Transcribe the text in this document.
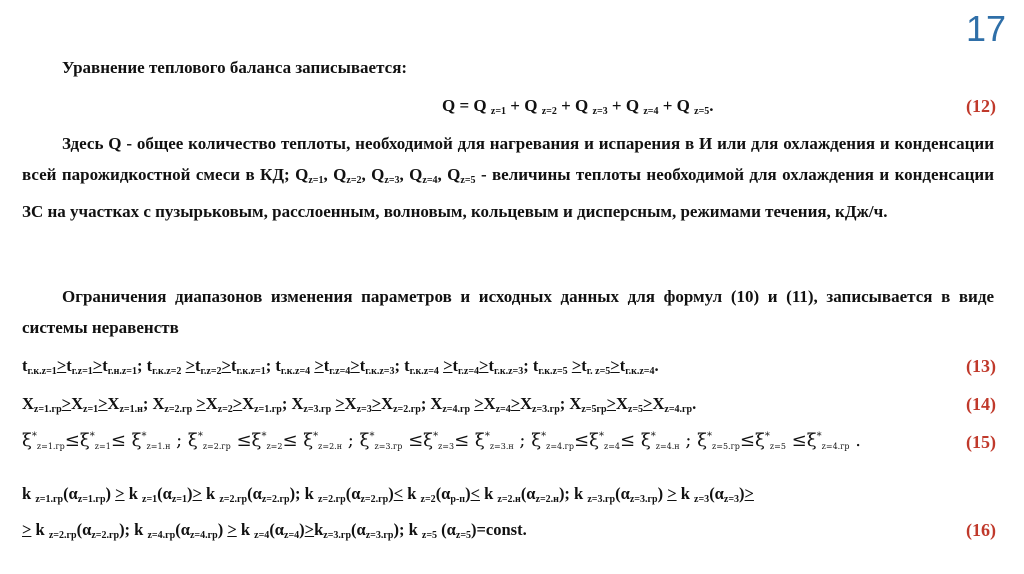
17
Уравнение теплового баланса записывается:
Q = Q $_{z=1}$ + Q $_{z=2}$ + Q $_{z=3}$ + Q $_{z=4}$ + Q $_{z=5}$.	(12)
Здесь Q - общее количество теплоты, необходимой для нагревания и испарения в И или для охлаждения и конденсации всей парожидкостной смеси в КД; $Q_{z=1}$, $Q_{z=2}$, $Q_{z=3}$, $Q_{z=4}$, $Q_{z=5}$ - величины теплоты необходимой для охлаждения и конденсации ЗС на участках с пузырьковым, расслоенным, волновым, кольцевым и дисперсным, режимами течения, кДж/ч.
Ограничения диапазонов изменения параметров и исходных данных для формул (10) и (11), записывается в виде системы неравенств
$t_{г.к.z=1}>t_{г.z=1}>t_{г.н.z=1}$; $t_{г.к.z=2} >t_{г.z=2}>t_{г.к.z=1}$; $t_{г.к.z=4} >t_{г.z=4}>t_{г.к.z=3}$; $t_{г.к.z=4} >t_{г.z=4}>t_{г.к.z=3}$; $t_{г.к.z=5} >t_{г. z=5}>t_{г.к.z=4}$.	(13)
$X_{z=1.гр}>X_{z=1}>X_{z=1.н}$; $X_{z=2.гр} >X_{z=2}>X_{z=1.гр}$; $X_{z=3.гр} >X_{z=3}>X_{z=2.гр}$; $X_{z=4.гр} >X_{z=4}>X_{z=3.гр}$; $X_{z=5гр}>X_{z=5}>X_{z=4.гр}$.	(14)
$\xi^*_{z=1.гр}\le\xi^*_{z=1}\le \xi^*_{z=1.н}$ ; $\xi^*_{z=2.гр} \le\xi^*_{z=2}\le \xi^*_{z=2.н}$ ; $\xi^*_{z=3.гр} \le\xi^*_{z=3}\le \xi^*_{z=3.н}$ ; $\xi^*_{z=4.гр}\le\xi^*_{z=4}\le \xi^*_{z=4.н}$ ; $\xi^*_{z=5.гр}\le\xi^*_{z=5} \le\xi^*_{z=4.гр}$ .	(15)
k $_{z=1.гр}(\alpha_{z=1.гр}) > k$ $_{z=1}(\alpha_{z=1})> k$ $_{z=2.гр}(\alpha_{z=2.гр})$; k $_{z=2.гр}(\alpha_{z=2.гр})< k$ $_{z=2}(\alpha_{р-п})< k$ $_{z=2.н}(\alpha_{z=2.н})$; k $_{z=3.гр}(\alpha_{z=3.гр}) > k$ $_{z=3}(\alpha_{z=3})>$
> k $_{z=2.гр}(\alpha_{z=2.гр})$; k $_{z=4.гр}(\alpha_{z=4.гр}) > k$ $_{z=4}(\alpha_{z=4})>k_{z=3.гр}(\alpha_{z=3.гр})$; k $_{z=5}$ $(\alpha_{z=5})=const$.	(16)
